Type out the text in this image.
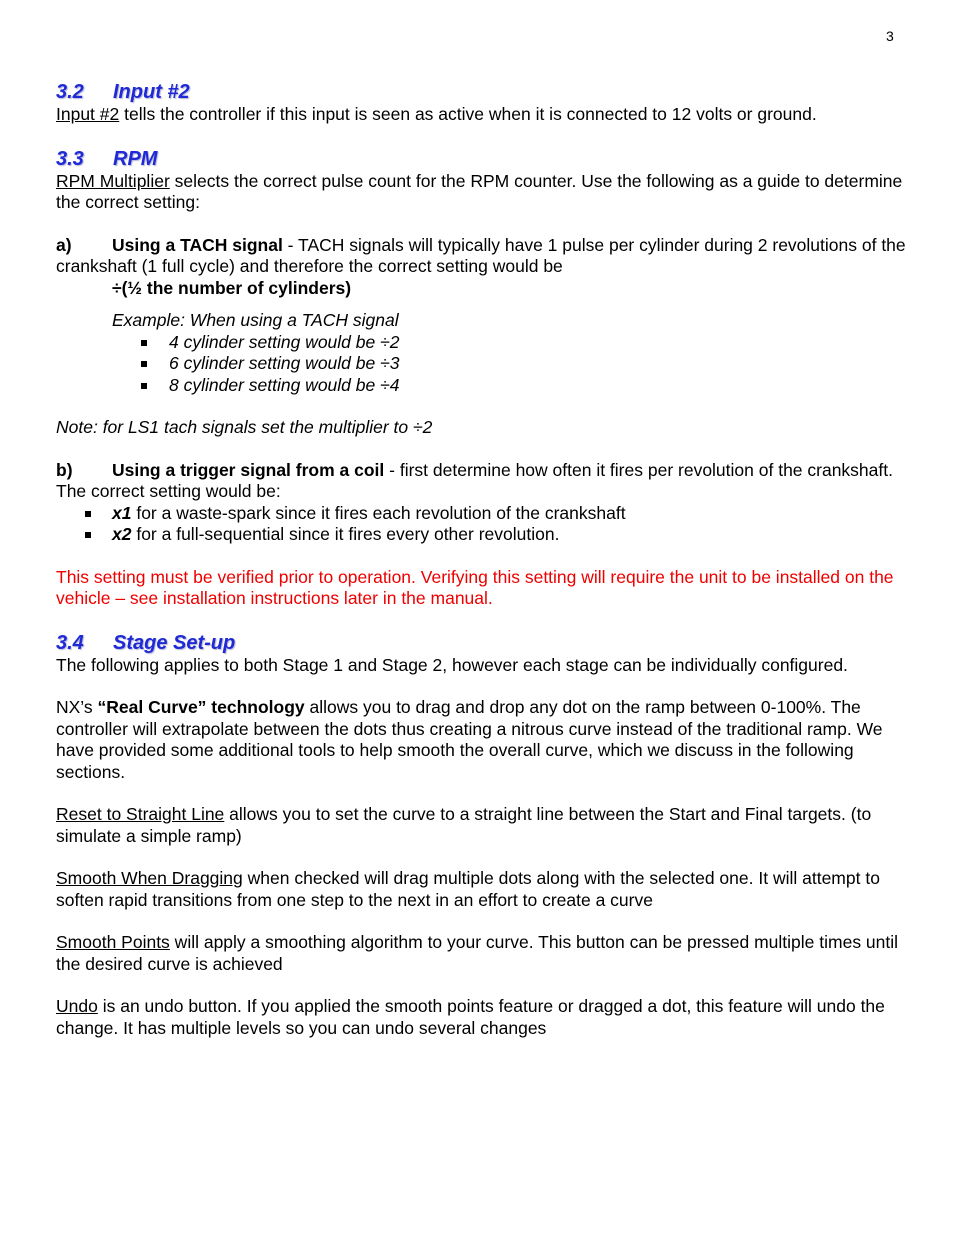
3
3.2 Input #2

Input #2 tells the controller if this input is seen as active when it is connected to 12 volts or ground.

3.3 RPM

RPM Multiplier selects the correct pulse count for the RPM counter. Use the following as a guide to determine the correct setting:

a) Using a TACH signal - TACH signals will typically have 1 pulse per cylinder during 2 revolutions of the crankshaft (1 full cycle) and therefore the correct setting would be

÷(½ the number of cylinders)

Example: When using a TACH signal

4 cylinder setting would be ÷2
6 cylinder setting would be ÷3
8 cylinder setting would be ÷4

Note: for LS1 tach signals set the multiplier to ÷2

b) Using a trigger signal from a coil - first determine how often it fires per revolution of the crankshaft. The correct setting would be:

x1 for a waste-spark since it fires each revolution of the crankshaft
x2 for a full-sequential since it fires every other revolution.

This setting must be verified prior to operation. Verifying this setting will require the unit to be installed on the vehicle – see installation instructions later in the manual.

3.4 Stage Set-up

The following applies to both Stage 1 and Stage 2, however each stage can be individually configured.

NX’s “Real Curve” technology allows you to drag and drop any dot on the ramp between 0-100%. The controller will extrapolate between the dots thus creating a nitrous curve instead of the traditional ramp. We have provided some additional tools to help smooth the overall curve, which we discuss in the following sections.

Reset to Straight Line allows you to set the curve to a straight line between the Start and Final targets. (to simulate a simple ramp)

Smooth When Dragging when checked will drag multiple dots along with the selected one. It will attempt to soften rapid transitions from one step to the next in an effort to create a curve

Smooth Points will apply a smoothing algorithm to your curve. This button can be pressed multiple times until the desired curve is achieved

Undo is an undo button. If you applied the smooth points feature or dragged a dot, this feature will undo the change. It has multiple levels so you can undo several changes
